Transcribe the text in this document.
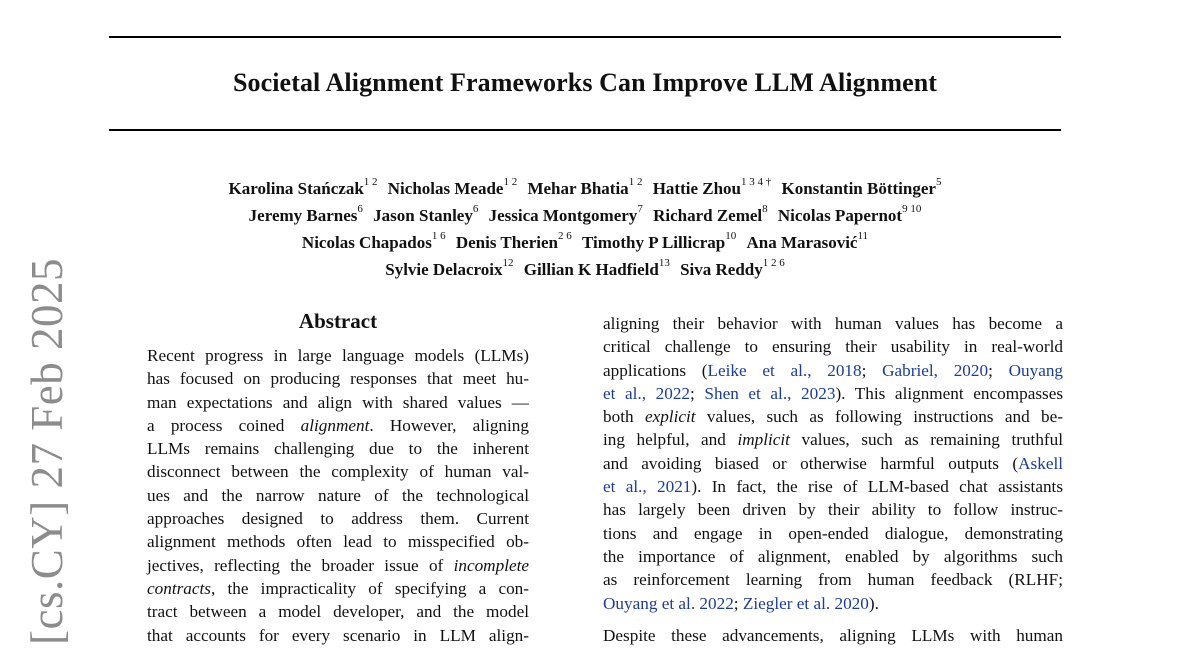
Societal Alignment Frameworks Can Improve LLM Alignment
Karolina Stańczak$^{1 2}$ Nicholas Meade$^{1 2}$ Mehar Bhatia$^{1 2}$ Hattie Zhou$^{1 3 4 \dagger}$ Konstantin Böttinger$^5$
Jeremy Barnes$^6$ Jason Stanley$^6$ Jessica Montgomery$^7$ Richard Zemel$^8$ Nicolas Papernot$^{9 10}$
Nicolas Chapados$^{1 6}$ Denis Therien$^{2 6}$ Timothy P Lillicrap$^{10}$ Ana Marasović$^{11}$
Sylvie Delacroix$^{12}$ Gillian K Hadfield$^{13}$ Siva Reddy$^{1 2 6}$
[cs.CY] 27 Feb 2025	Abstract
Recent progress in large language models (LLMs)
has focused on producing responses that meet hu-
man expectations and align with shared values —
a process coined alignment. However, aligning
LLMs remains challenging due to the inherent
disconnect between the complexity of human val-
ues and the narrow nature of the technological
approaches designed to address them. Current
alignment methods often lead to misspecified ob-
jectives, reflecting the broader issue of incomplete
contracts, the impracticality of specifying a con-
tract between a model developer, and the model
that accounts for every scenario in LLM align-
aligning their behavior with human values has become a
critical challenge to ensuring their usability in real-world
applications (Leike et al., 2018; Gabriel, 2020; Ouyang
et al., 2022; Shen et al., 2023). This alignment encompasses
both explicit values, such as following instructions and be-
ing helpful, and implicit values, such as remaining truthful
and avoiding biased or otherwise harmful outputs (Askell
et al., 2021). In fact, the rise of LLM-based chat assistants
has largely been driven by their ability to follow instruc-
tions and engage in open-ended dialogue, demonstrating
the importance of alignment, enabled by algorithms such
as reinforcement learning from human feedback (RLHF;
Ouyang et al. 2022; Ziegler et al. 2020).
Despite these advancements, aligning LLMs with human
